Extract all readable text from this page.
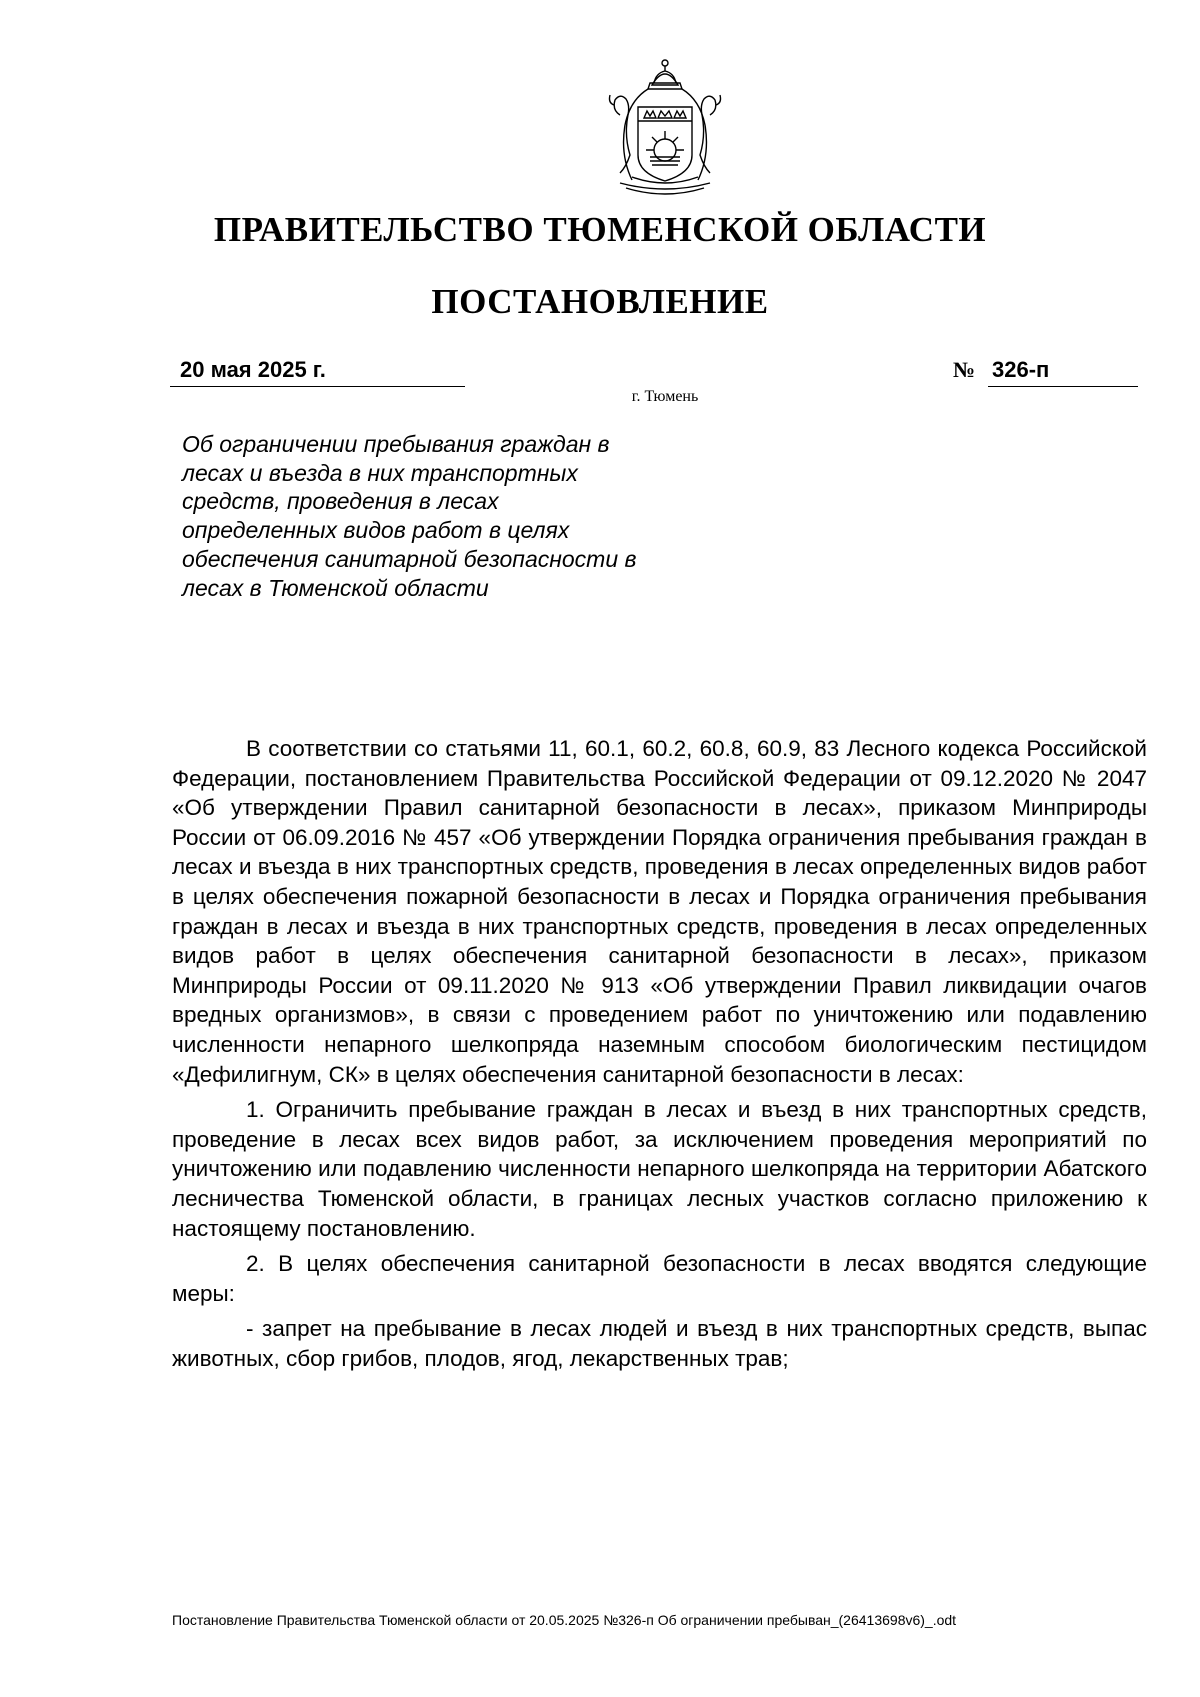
ПРАВИТЕЛЬСТВО ТЮМЕНСКОЙ ОБЛАСТИ
ПОСТАНОВЛЕНИЕ
20 мая 2025 г.	№ 326-п
г. Тюмень

Об ограничении пребывания граждан в лесах и въезда в них транспортных средств, проведения в лесах определенных видов работ в целях обеспечения санитарной безопасности в лесах в Тюменской области

В соответствии со статьями 11, 60.1, 60.2, 60.8, 60.9, 83 Лесного кодекса Российской Федерации, постановлением Правительства Российской Федерации от 09.12.2020 № 2047 «Об утверждении Правил санитарной безопасности в лесах», приказом Минприроды России от 06.09.2016 № 457 «Об утверждении Порядка ограничения пребывания граждан в лесах и въезда в них транспортных средств, проведения в лесах определенных видов работ в целях обеспечения пожарной безопасности в лесах и Порядка ограничения пребывания граждан в лесах и въезда в них транспортных средств, проведения в лесах определенных видов работ в целях обеспечения санитарной безопасности в лесах», приказом Минприроды России от 09.11.2020 № 913 «Об утверждении Правил ликвидации очагов вредных организмов», в связи с проведением работ по уничтожению или подавлению численности непарного шелкопряда наземным способом биологическим пестицидом «Дефилигнум, СК» в целях обеспечения санитарной безопасности в лесах:

1. Ограничить пребывание граждан в лесах и въезд в них транспортных средств, проведение в лесах всех видов работ, за исключением проведения мероприятий по уничтожению или подавлению численности непарного шелкопряда на территории Абатского лесничества Тюменской области, в границах лесных участков согласно приложению к настоящему постановлению.

2. В целях обеспечения санитарной безопасности в лесах вводятся следующие меры:

- запрет на пребывание в лесах людей и въезд в них транспортных средств, выпас животных, сбор грибов, плодов, ягод, лекарственных трав;

Постановление Правительства Тюменской области от 20.05.2025 №326-п Об ограничении пребыван_(26413698v6)_.odt
